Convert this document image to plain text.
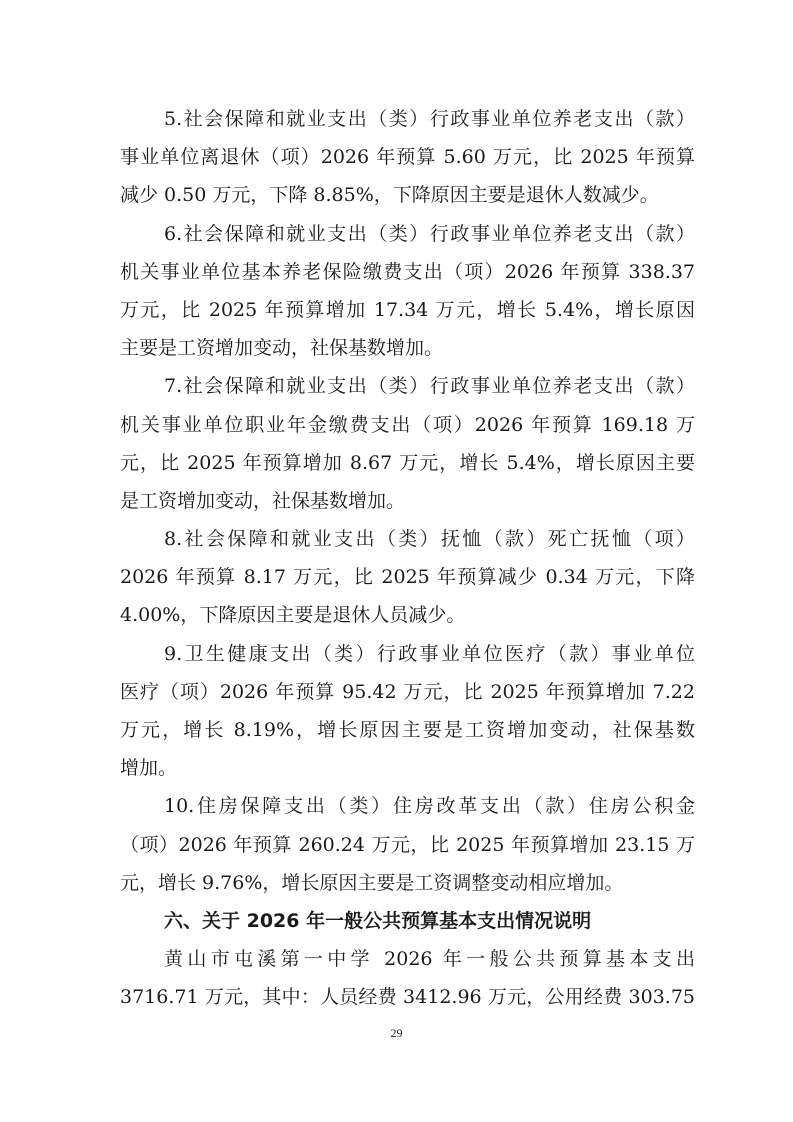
5.社会保障和就业支出（类）行政事业单位养老支出（款）
事业单位离退休（项）2026 年预算 5.60 万元，比 2025 年预算
减少 0.50 万元，下降 8.85%，下降原因主要是退休人数减少。
6.社会保障和就业支出（类）行政事业单位养老支出（款）
机关事业单位基本养老保险缴费支出（项）2026 年预算 338.37
万元，比 2025 年预算增加 17.34 万元，增长 5.4%，增长原因
主要是工资增加变动，社保基数增加。
7.社会保障和就业支出（类）行政事业单位养老支出（款）
机关事业单位职业年金缴费支出（项）2026 年预算 169.18 万
元，比 2025 年预算增加 8.67 万元，增长 5.4%，增长原因主要
是工资增加变动，社保基数增加。
8.社会保障和就业支出（类）抚恤（款）死亡抚恤（项）
2026 年预算 8.17 万元，比 2025 年预算减少 0.34 万元，下降
4.00%，下降原因主要是退休人员减少。
9.卫生健康支出（类）行政事业单位医疗（款）事业单位
医疗（项）2026 年预算 95.42 万元，比 2025 年预算增加 7.22
万元，增长 8.19%，增长原因主要是工资增加变动，社保基数
增加。
10.住房保障支出（类）住房改革支出（款）住房公积金
（项）2026 年预算 260.24 万元，比 2025 年预算增加 23.15 万
元，增长 9.76%，增长原因主要是工资调整变动相应增加。
六、关于 2026 年一般公共预算基本支出情况说明
黄山市屯溪第一中学 2026 年一般公共预算基本支出
3716.71 万元，其中：人员经费 3412.96 万元，公用经费 303.75
29
